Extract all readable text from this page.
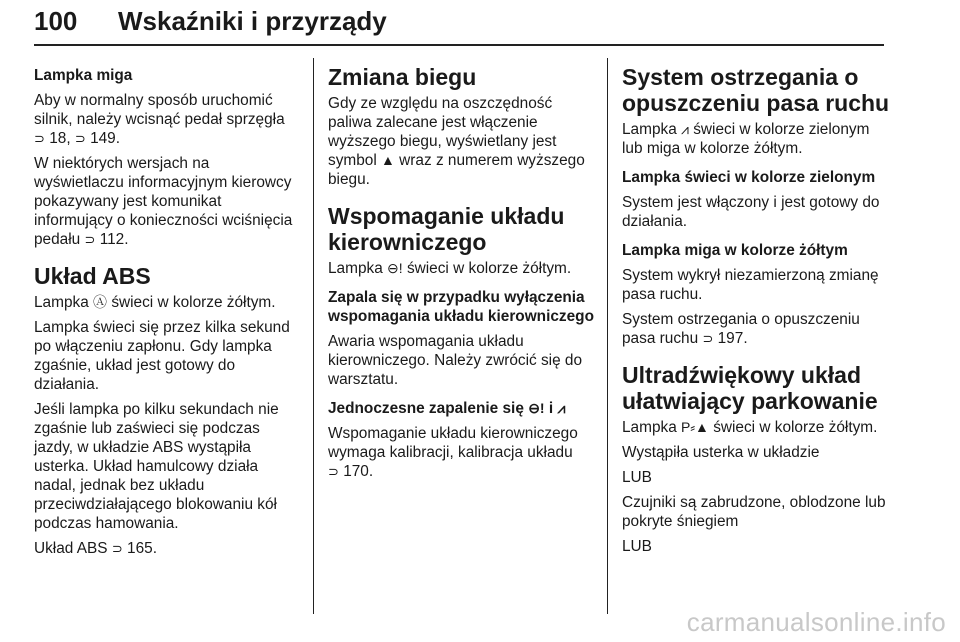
100 Wskaźniki i przyrządy
Lampka miga

Aby w normalny sposób uruchomić silnik, należy wcisnąć pedał sprzęgła
⊃ 18, ⊃ 149.

W niektórych wersjach na wyświetlaczu informacyjnym kierowcy pokazywany jest komunikat informujący o konieczności wciśnięcia pedału ⊃ 112.

Układ ABS

Lampka Ⓐ świeci w kolorze żółtym.

Lampka świeci się przez kilka sekund po włączeniu zapłonu. Gdy lampka zgaśnie, układ jest gotowy do działania.

Jeśli lampka po kilku sekundach nie zgaśnie lub zaświeci się podczas jazdy, w układzie ABS wystąpiła usterka. Układ hamulcowy działa nadal, jednak bez układu przeciwdziałającego blokowaniu kół podczas hamowania.

Układ ABS ⊃ 165.

Zmiana biegu

Gdy ze względu na oszczędność paliwa zalecane jest włączenie wyższego biegu, wyświetlany jest symbol ▲ wraz z numerem wyższego biegu.

Wspomaganie układu kierowniczego

Lampka ⊖! świeci w kolorze żółtym.

Zapala się w przypadku wyłączenia wspomagania układu kierowniczego

Awaria wspomagania układu kierowniczego. Należy zwrócić się do warsztatu.

Jednoczesne zapalenie się ⊖! i ⩘

Wspomaganie układu kierowniczego wymaga kalibracji, kalibracja układu
⊃ 170.

System ostrzegania o opuszczeniu pasa ruchu

Lampka ⩘ świeci w kolorze zielonym lub miga w kolorze żółtym.

Lampka świeci w kolorze zielonym

System jest włączony i jest gotowy do działania.

Lampka miga w kolorze żółtym

System wykrył niezamierzoną zmianę pasa ruchu.

System ostrzegania o opuszczeniu pasa ruchu ⊃ 197.

Ultradźwiękowy układ ułatwiający parkowanie

Lampka P⸗▲ świeci w kolorze żółtym.

Wystąpiła usterka w układzie

LUB

Czujniki są zabrudzone, oblodzone lub pokryte śniegiem

LUB

carmanualsonline.info
